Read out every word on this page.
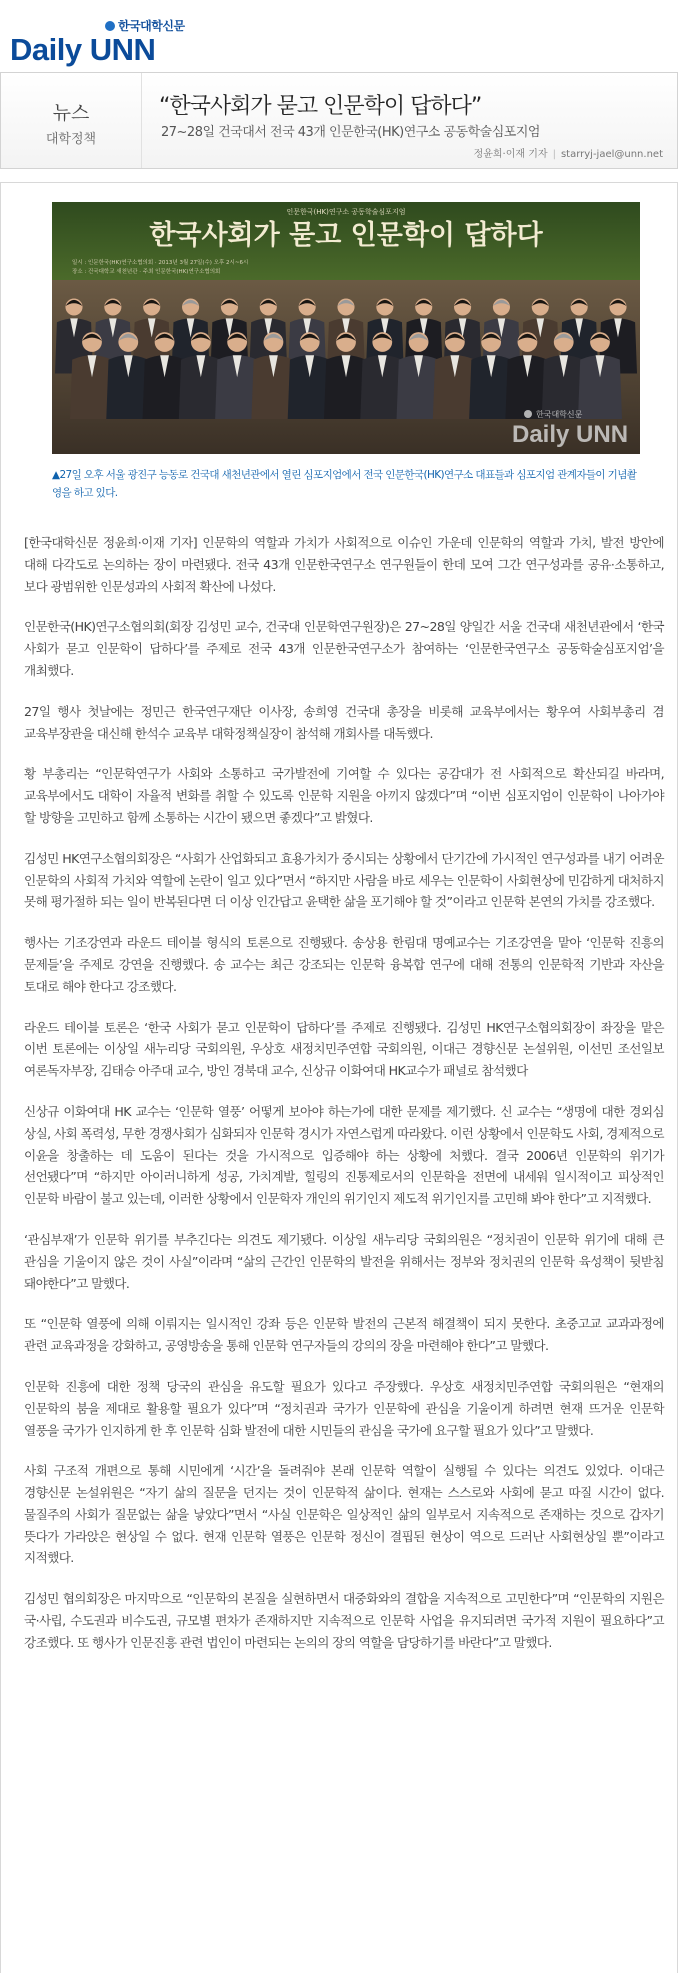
한국대학신문
Daily UNN
뉴스
대학정책
“한국사회가 묻고 인문학이 답하다”
27~28일 건국대서 전국 43개 인문한국(HK)연구소 공동학술심포지엄
정윤희·이재 기자 | starryj-jael@unn.net
인문한국(HK)연구소 공동학술심포지엄
한국사회가 묻고 인문학이 답하다
일시 : 인문한국(HK)연구소협의회 · 2013년 3월 27일(수) 오후 2시~6시
장소 : 건국대학교 새천년관 · 주최 인문한국(HK)연구소협의회
한국대학신문
Daily UNN
▲27일 오후 서울 광진구 능동로 건국대 새천년관에서 열린 심포지엄에서 전국 인문한국(HK)연구소 대표들과 심포지엄 관계자들이 기념촬영을 하고 있다.

[한국대학신문 정윤희·이재 기자] 인문학의 역할과 가치가 사회적으로 이슈인 가운데 인문학의 역할과 가치, 발전 방안에 대해 다각도로 논의하는 장이 마련됐다. 전국 43개 인문한국연구소 연구원들이 한데 모여 그간 연구성과를 공유·소통하고, 보다 광범위한 인문성과의 사회적 확산에 나섰다.

인문한국(HK)연구소협의회(회장 김성민 교수, 건국대 인문학연구원장)은 27~28일 양일간 서울 건국대 새천년관에서 ‘한국 사회가 묻고 인문학이 답하다’를 주제로 전국 43개 인문한국연구소가 참여하는 ‘인문한국연구소 공동학술심포지엄’을 개최했다.

27일 행사 첫날에는 정민근 한국연구재단 이사장, 송희영 건국대 총장을 비롯해 교육부에서는 황우여 사회부총리 겸 교육부장관을 대신해 한석수 교육부 대학정책실장이 참석해 개회사를 대독했다.

황 부총리는 “인문학연구가 사회와 소통하고 국가발전에 기여할 수 있다는 공감대가 전 사회적으로 확산되길 바라며, 교육부에서도 대학이 자율적 변화를 취할 수 있도록 인문학 지원을 아끼지 않겠다”며 “이번 심포지엄이 인문학이 나아가야 할 방향을 고민하고 함께 소통하는 시간이 됐으면 좋겠다”고 밝혔다.

김성민 HK연구소협의회장은 “사회가 산업화되고 효용가치가 중시되는 상황에서 단기간에 가시적인 연구성과를 내기 어려운 인문학의 사회적 가치와 역할에 논란이 일고 있다”면서 “하지만 사람을 바로 세우는 인문학이 사회현상에 민감하게 대처하지 못해 평가절하 되는 일이 반복된다면 더 이상 인간답고 윤택한 삶을 포기해야 할 것”이라고 인문학 본연의 가치를 강조했다.

행사는 기조강연과 라운드 테이블 형식의 토론으로 진행됐다. 송상용 한림대 명예교수는 기조강연을 맡아 ‘인문학 진흥의 문제들’을 주제로 강연을 진행했다. 송 교수는 최근 강조되는 인문학 융복합 연구에 대해 전통의 인문학적 기반과 자산을 토대로 해야 한다고 강조했다.

라운드 테이블 토론은 ‘한국 사회가 묻고 인문학이 답하다’를 주제로 진행됐다. 김성민 HK연구소협의회장이 좌장을 맡은 이번 토론에는 이상일 새누리당 국회의원, 우상호 새정치민주연합 국회의원, 이대근 경향신문 논설위원, 이선민 조선일보 여론독자부장, 김태승 아주대 교수, 방인 경북대 교수, 신상규 이화여대 HK교수가 패널로 참석했다

신상규 이화여대 HK 교수는 ‘인문학 열풍’ 어떻게 보아야 하는가에 대한 문제를 제기했다. 신 교수는 “생명에 대한 경외심 상실, 사회 폭력성, 무한 경쟁사회가 심화되자 인문학 경시가 자연스럽게 따라왔다. 이런 상황에서 인문학도 사회, 경제적으로 이윤을 창출하는 데 도움이 된다는 것을 가시적으로 입증해야 하는 상황에 처했다. 결국 2006년 인문학의 위기가 선언됐다”며 “하지만 아이러니하게 성공, 가치계발, 힐링의 진통제로서의 인문학을 전면에 내세워 일시적이고 피상적인 인문학 바람이 불고 있는데, 이러한 상황에서 인문학자 개인의 위기인지 제도적 위기인지를 고민해 봐야 한다”고 지적했다.

‘관심부재’가 인문학 위기를 부추긴다는 의견도 제기됐다. 이상일 새누리당 국회의원은 “정치권이 인문학 위기에 대해 큰 관심을 기울이지 않은 것이 사실”이라며 “삶의 근간인 인문학의 발전을 위해서는 정부와 정치권의 인문학 육성책이 뒷받침 돼야한다”고 말했다.

또 “인문학 열풍에 의해 이뤄지는 일시적인 강좌 등은 인문학 발전의 근본적 해결책이 되지 못한다. 초중고교 교과과정에 관련 교육과정을 강화하고, 공영방송을 통해 인문학 연구자들의 강의의 장을 마련해야 한다”고 말했다.

인문학 진흥에 대한 정책 당국의 관심을 유도할 필요가 있다고 주장했다. 우상호 새정치민주연합 국회의원은 “현재의 인문학의 붐을 제대로 활용할 필요가 있다”며 “정치권과 국가가 인문학에 관심을 기울이게 하려면 현재 뜨거운 인문학 열풍을 국가가 인지하게 한 후 인문학 심화 발전에 대한 시민들의 관심을 국가에 요구할 필요가 있다”고 말했다.

사회 구조적 개편으로 통해 시민에게 ‘시간’을 돌려줘야 본래 인문학 역할이 실행될 수 있다는 의견도 있었다. 이대근 경향신문 논설위원은 “자기 삶의 질문을 던지는 것이 인문학적 삶이다. 현재는 스스로와 사회에 묻고 따질 시간이 없다. 물질주의 사회가 질문없는 삶을 낳았다”면서 “사실 인문학은 일상적인 삶의 일부로서 지속적으로 존재하는 것으로 갑자기 뜻다가 가라앉은 현상일 수 없다. 현재 인문학 열풍은 인문학 정신이 결핍된 현상이 역으로 드러난 사회현상일 뿐”이라고 지적했다.

김성민 협의회장은 마지막으로 “인문학의 본질을 실현하면서 대중화와의 결합을 지속적으로 고민한다”며 “인문학의 지원은 국·사립, 수도권과 비수도권, 규모별 편차가 존재하지만 지속적으로 인문학 사업을 유지되려면 국가적 지원이 필요하다”고 강조했다. 또 행사가 인문진흥 관련 법인이 마련되는 논의의 장의 역할을 담당하기를 바란다”고 말했다.
